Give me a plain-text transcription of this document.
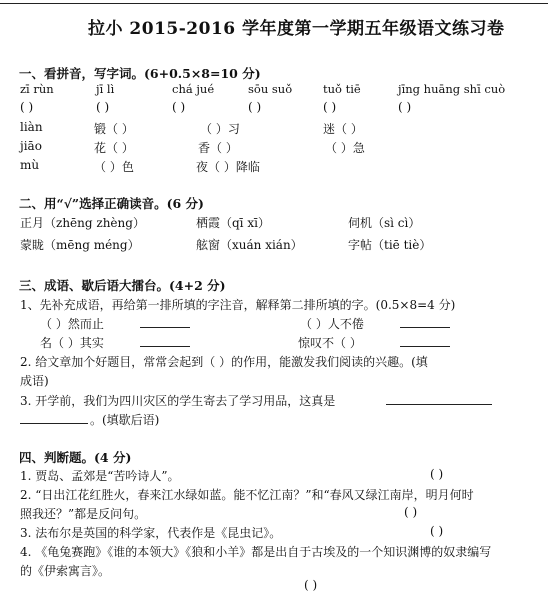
拉小 2015-2016 学年度第一学期五年级语文练习卷
一、看拼音，写字词。(6+0.5×8=10 分)
zī rùn	jī lì	chá jué	sōu suǒ	tuǒ tiē	jīng huāng shī cuò
( )	( )	( )	( )	( )	( )
liàn	锻（ ）	（ ）习	迷（ ）
jiāo	花（ ）	香（ ）	（ ）急
mù	（ ）色	夜（ ）降临
二、用“√”选择正确读音。(6 分)
正月（zhēng zhèng）	栖霞（qī xī）	伺机（sì cì）
蒙眬（mēng méng）	舷窗（xuán xián）	字帖（tiē tiè）
三、成语、歇后语大擂台。(4+2 分)
1、先补充成语，再给第一排所填的字注音，解释第二排所填的字。(0.5×8=4 分)
（ ）然而止	（ ）人不倦
名（ ）其实	惊叹不（ ）
2. 给文章加个好题目，常常会起到（ ）的作用，能激发我们阅读的兴趣。(填
成语)
3. 开学前，我们为四川灾区的学生寄去了学习用品，这真是
。(填歇后语)
四、判断题。(4 分)
1. 贾岛、孟郊是“苦吟诗人”。	( )
2. “日出江花红胜火，春来江水绿如蓝。能不忆江南？”和“春风又绿江南岸，明月何时
照我还？”都是反问句。	( )
3. 法布尔是英国的科学家，代表作是《昆虫记》。	( )
4. 《龟兔赛跑》《谁的本领大》《狼和小羊》都是出自于古埃及的一个知识渊博的奴隶编写
的《伊索寓言》。
( )
